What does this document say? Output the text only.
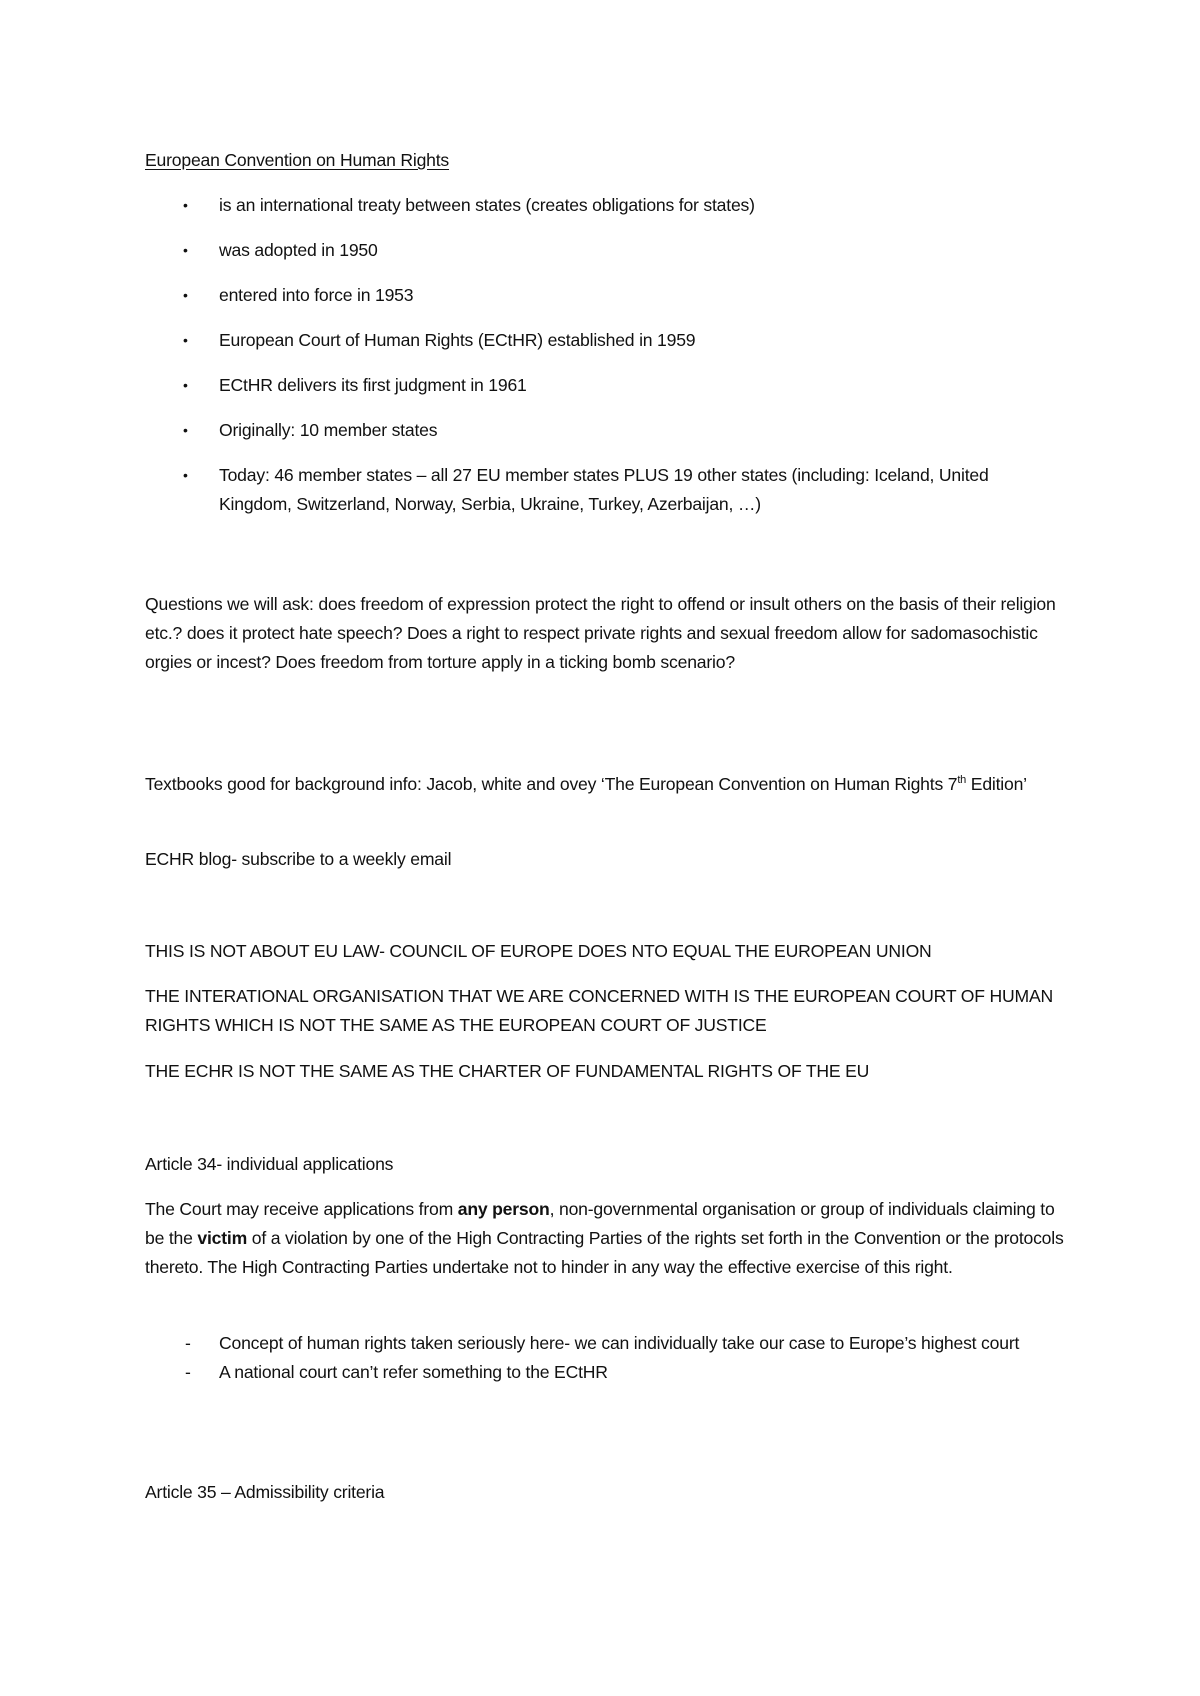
European Convention on Human Rights

• is an international treaty between states (creates obligations for states)
• was adopted in 1950
• entered into force in 1953
• European Court of Human Rights (ECtHR) established in 1959
• ECtHR delivers its first judgment in 1961
• Originally: 10 member states
• Today: 46 member states – all 27 EU member states PLUS 19 other states (including: Iceland, United Kingdom, Switzerland, Norway, Serbia, Ukraine, Turkey, Azerbaijan, …)

Questions we will ask: does freedom of expression protect the right to offend or insult others on the basis of their religion etc.? does it protect hate speech? Does a right to respect private rights and sexual freedom allow for sadomasochistic orgies or incest? Does freedom from torture apply in a ticking bomb scenario?

Textbooks good for background info: Jacob, white and ovey ‘The European Convention on Human Rights 7th Edition’

ECHR blog- subscribe to a weekly email

THIS IS NOT ABOUT EU LAW- COUNCIL OF EUROPE DOES NTO EQUAL THE EUROPEAN UNION

THE INTERATIONAL ORGANISATION THAT WE ARE CONCERNED WITH IS THE EUROPEAN COURT OF HUMAN RIGHTS WHICH IS NOT THE SAME AS THE EUROPEAN COURT OF JUSTICE

THE ECHR IS NOT THE SAME AS THE CHARTER OF FUNDAMENTAL RIGHTS OF THE EU

Article 34- individual applications

The Court may receive applications from any person, non-governmental organisation or group of individuals claiming to be the victim of a violation by one of the High Contracting Parties of the rights set forth in the Convention or the protocols thereto. The High Contracting Parties undertake not to hinder in any way the effective exercise of this right.

- Concept of human rights taken seriously here- we can individually take our case to Europe’s highest court
- A national court can’t refer something to the ECtHR

Article 35 – Admissibility criteria
